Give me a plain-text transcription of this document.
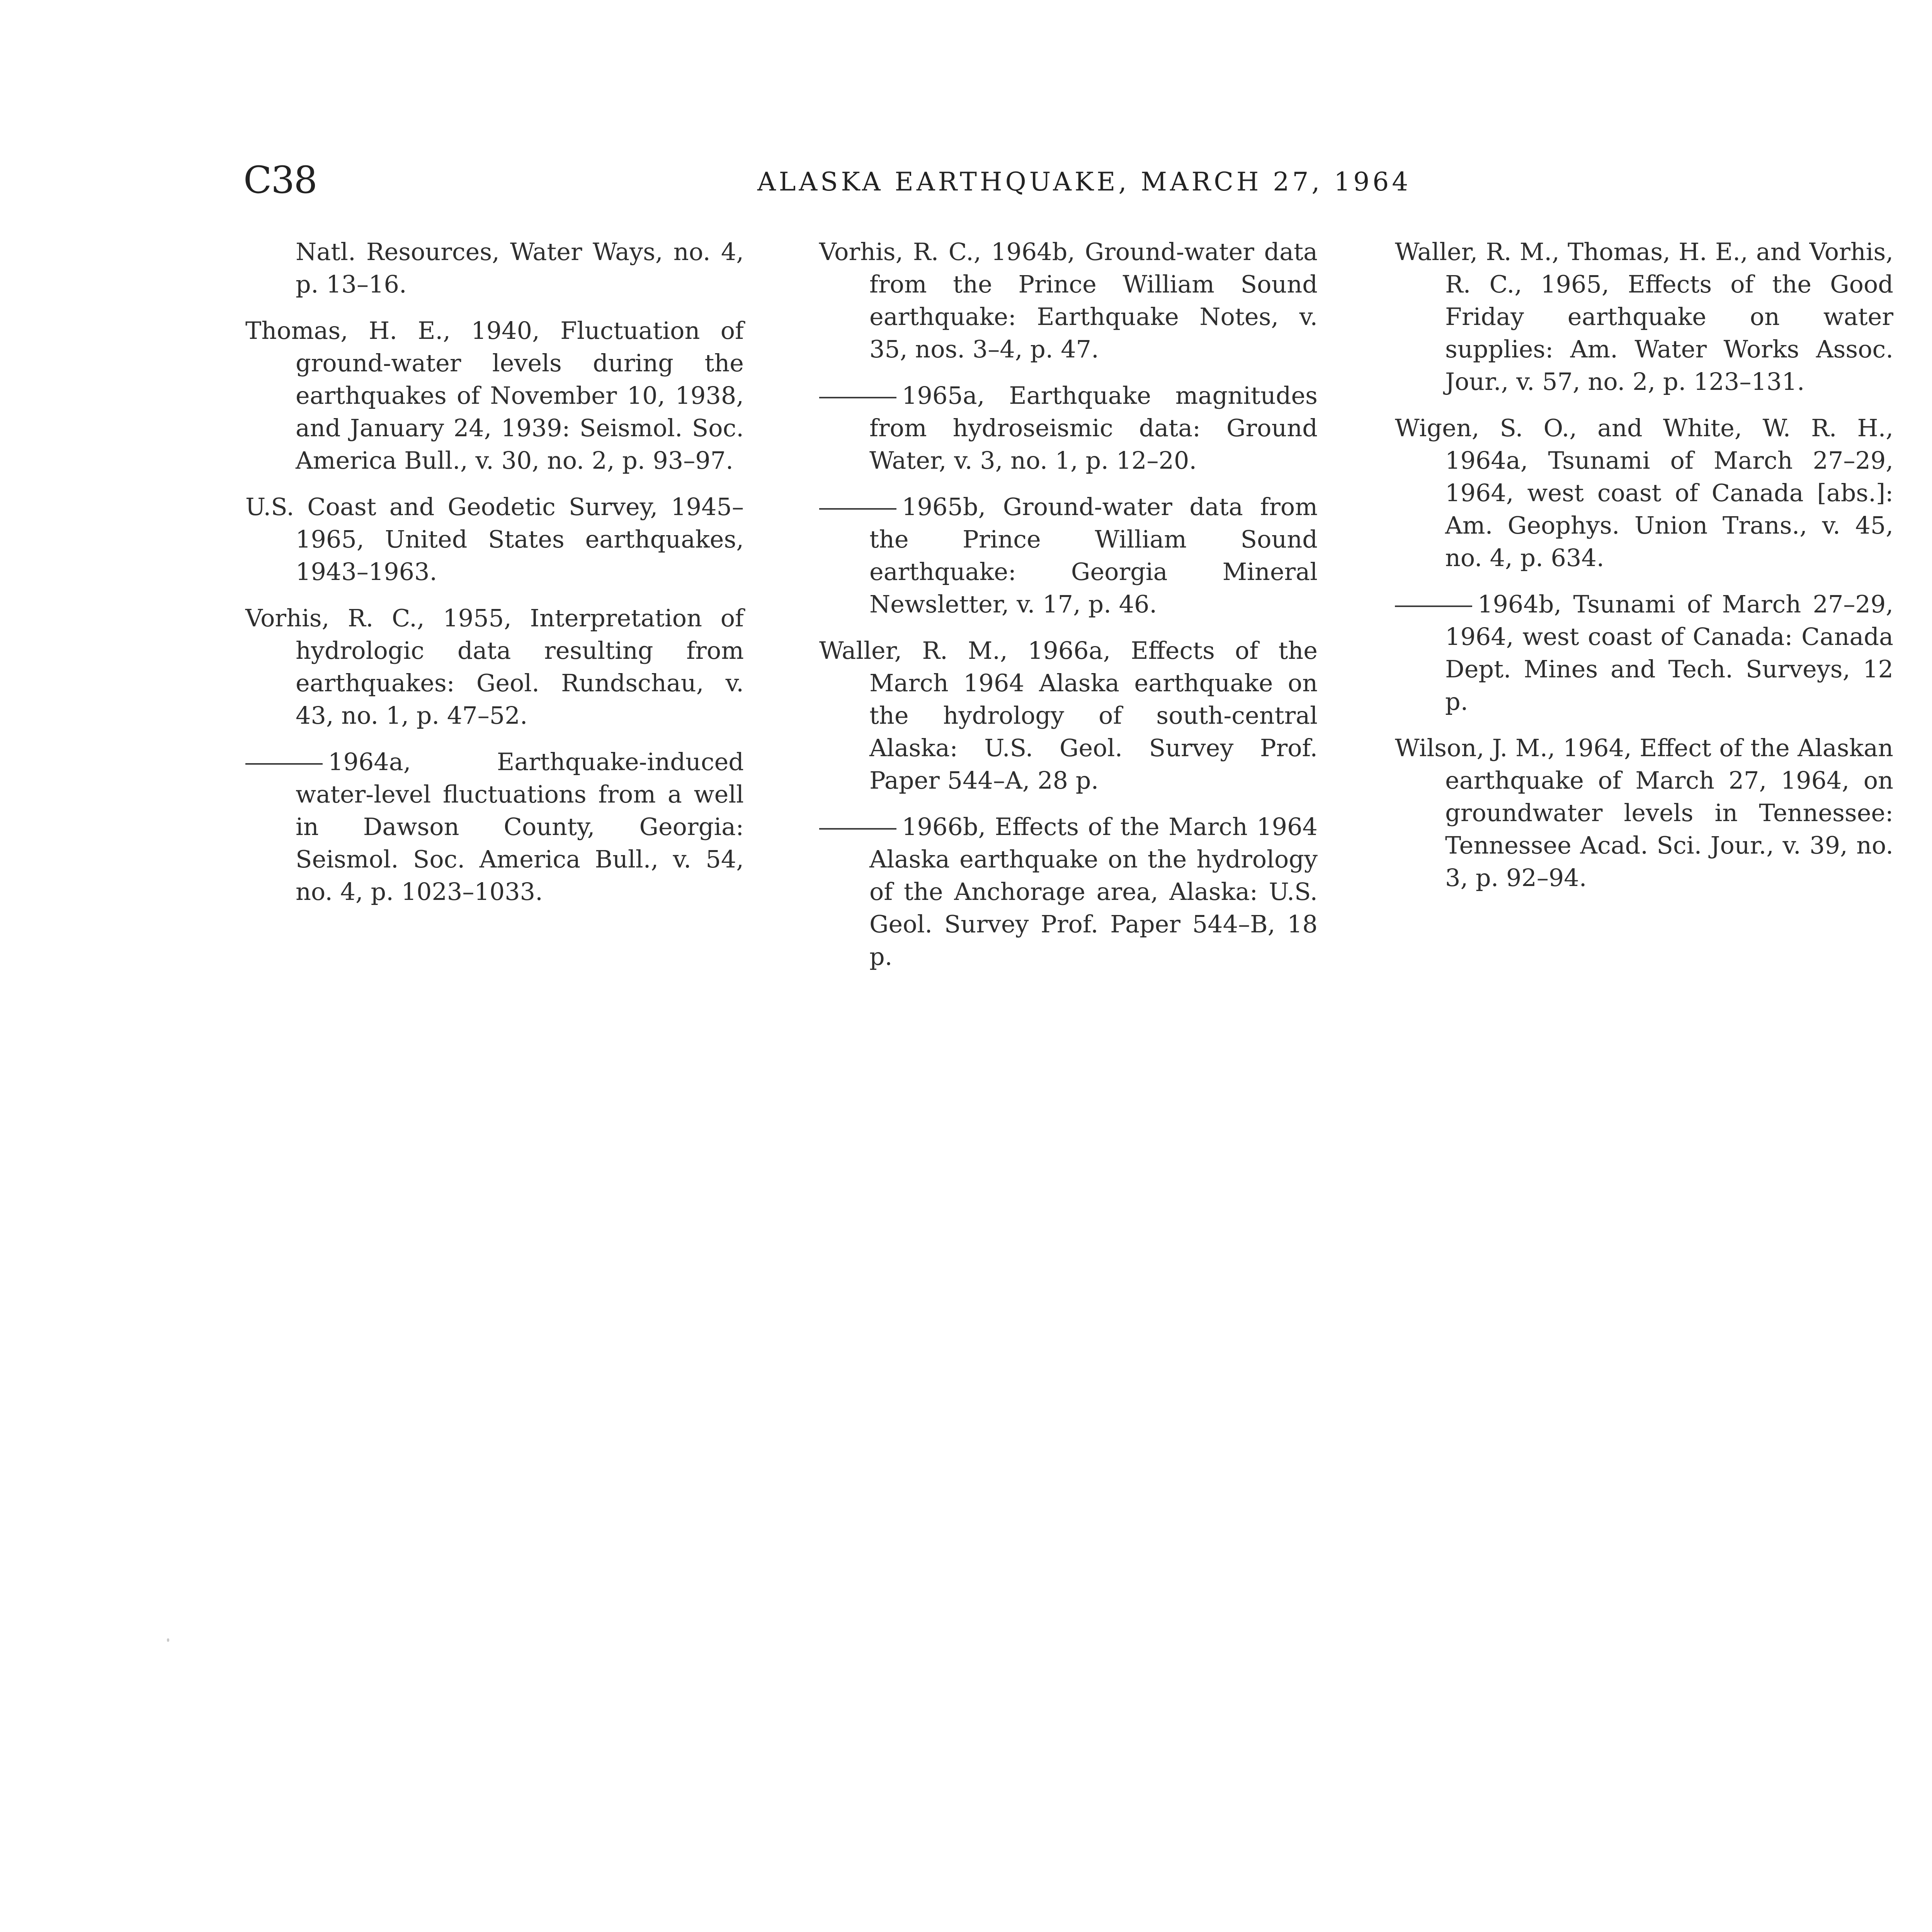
C38	ALASKA EARTHQUAKE, MARCH 27, 1964

Natl. Resources, Water Ways, no. 4, p. 13–16.

Thomas, H. E., 1940, Fluctuation of ground-water levels during the earthquakes of November 10, 1938, and January 24, 1939: Seismol. Soc. America Bull., v. 30, no. 2, p. 93–97.

U.S. Coast and Geodetic Survey, 1945–1965, United States earthquakes, 1943–1963.

Vorhis, R. C., 1955, Interpretation of hydrologic data resulting from earthquakes: Geol. Rundschau, v. 43, no. 1, p. 47–52.

1964a, Earthquake-induced water-level fluctuations from a well in Dawson County, Georgia: Seismol. Soc. America Bull., v. 54, no. 4, p. 1023–1033.

Vorhis, R. C., 1964b, Ground-water data from the Prince William Sound earthquake: Earthquake Notes, v. 35, nos. 3–4, p. 47.

1965a, Earthquake magnitudes from hydroseismic data: Ground Water, v. 3, no. 1, p. 12–20.

1965b, Ground-water data from the Prince William Sound earthquake: Georgia Mineral Newsletter, v. 17, p. 46.

Waller, R. M., 1966a, Effects of the March 1964 Alaska earthquake on the hydrology of south-central Alaska: U.S. Geol. Survey Prof. Paper 544–A, 28 p.

1966b, Effects of the March 1964 Alaska earthquake on the hydrology of the Anchorage area, Alaska: U.S. Geol. Survey Prof. Paper 544–B, 18 p.

Waller, R. M., Thomas, H. E., and Vorhis, R. C., 1965, Effects of the Good Friday earthquake on water supplies: Am. Water Works Assoc. Jour., v. 57, no. 2, p. 123–131.

Wigen, S. O., and White, W. R. H., 1964a, Tsunami of March 27–29, 1964, west coast of Canada [abs.]: Am. Geophys. Union Trans., v. 45, no. 4, p. 634.

1964b, Tsunami of March 27–29, 1964, west coast of Canada: Canada Dept. Mines and Tech. Surveys, 12 p.

Wilson, J. M., 1964, Effect of the Alaskan earthquake of March 27, 1964, on groundwater levels in Tennessee: Tennessee Acad. Sci. Jour., v. 39, no. 3, p. 92–94.
